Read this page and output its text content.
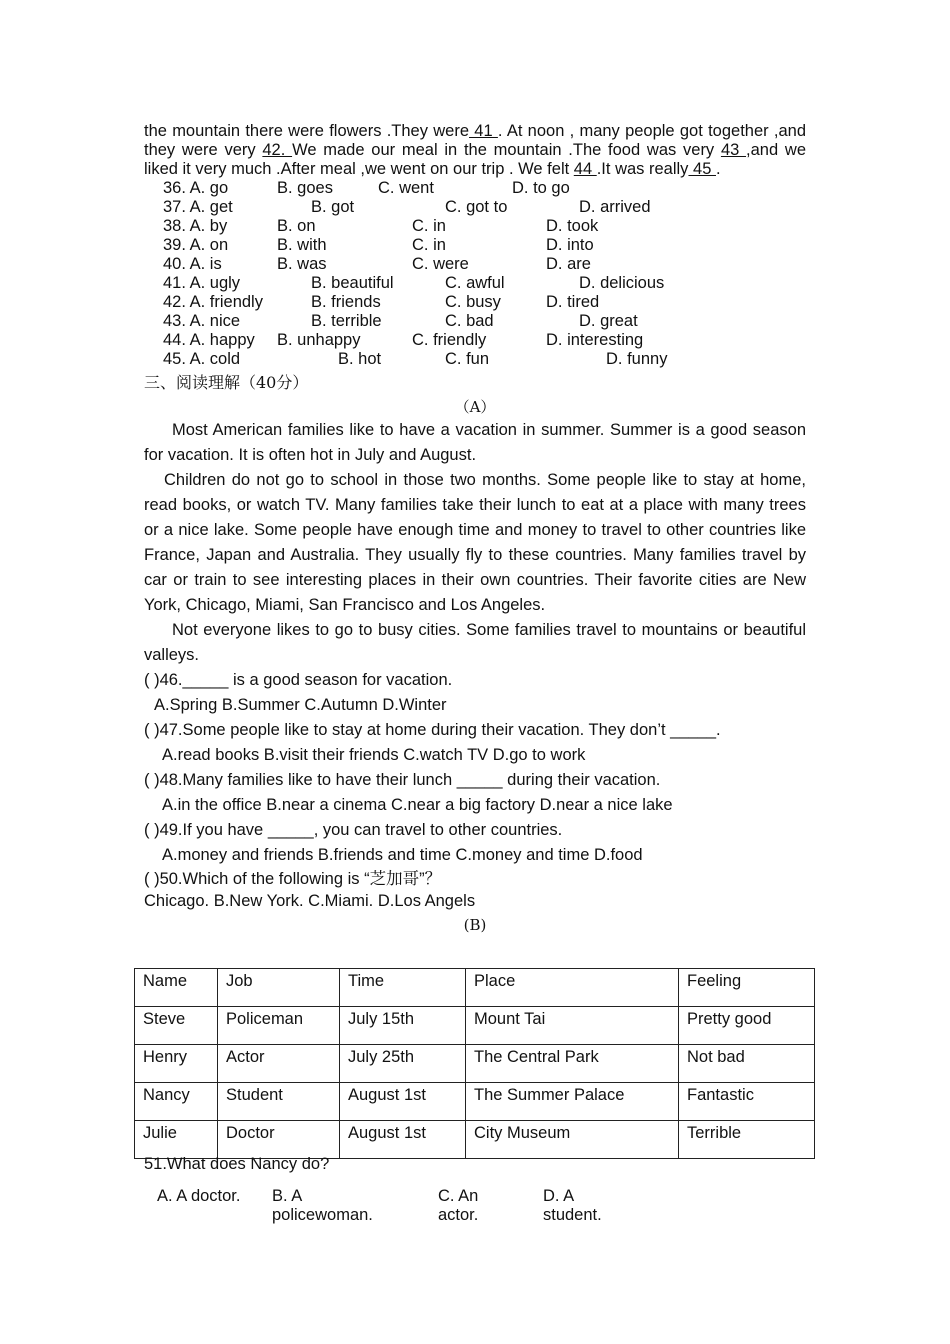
the mountain there were flowers .They were 41 . At noon , many people got together ,and they were very 42. We made our meal in the mountain .The food was very 43 ,and we liked it very much .After meal ,we went on our trip . We felt 44 .It was really 45 .

36. A. go	B. goes	C. went	D. to go
37. A. get	B. got	C. got to	D. arrived
38. A. by	B. on	C. in	D. took
39. A. on	B. with	C. in	D. into
40. A. is	B. was	C. were	D. are
41. A. ugly	B. beautiful	C. awful	D. delicious
42. A. friendly	B. friends	C. busy	D. tired
43. A. nice	B. terrible	C. bad	D. great
44. A. happy B. unhappy	C. friendly	D. interesting
45. A. cold	B. hot	C. fun	D. funny
三、阅读理解（40分）
（A）

Most American families like to have a vacation in summer. Summer is a good season for vacation. It is often hot in July and August.

Children do not go to school in those two months. Some people like to stay at home, read books, or watch TV. Many families take their lunch to eat at a place with many trees or a nice lake. Some people have enough time and money to travel to other countries like France, Japan and Australia. They usually fly to these countries. Many families travel by car or train to see interesting places in their own countries. Their favorite cities are New York, Chicago, Miami, San Francisco and Los Angeles.

Not everyone likes to go to busy cities. Some families travel to mountains or beautiful valleys.

( )46._____ is a good season for vacation.

A.Spring B.Summer C.Autumn D.Winter

( )47.Some people like to stay at home during their vacation. They don’t _____.

A.read books B.visit their friends C.watch TV D.go to work

( )48.Many families like to have their lunch _____ during their vacation.

A.in the office B.near a cinema C.near a big factory D.near a nice lake

( )49.If you have _____, you can travel to other countries.

A.money and friends B.friends and time C.money and time D.food

( )50.Which of the following is “芝加哥”？

Chicago. B.New York. C.Miami. D.Los Angels

(B)
Name	Job	Time	Place	Feeling
Steve	Policeman	July 15th	Mount Tai	Pretty good
Henry	Actor	July 25th	The Central Park	Not bad
Nancy	Student	August 1st	The Summer Palace	Fantastic
Julie	Doctor	August 1st	City Museum	Terrible
51.What does Nancy do?
A. A doctor. B. A policewoman.
C. An actor.
D. A student.
